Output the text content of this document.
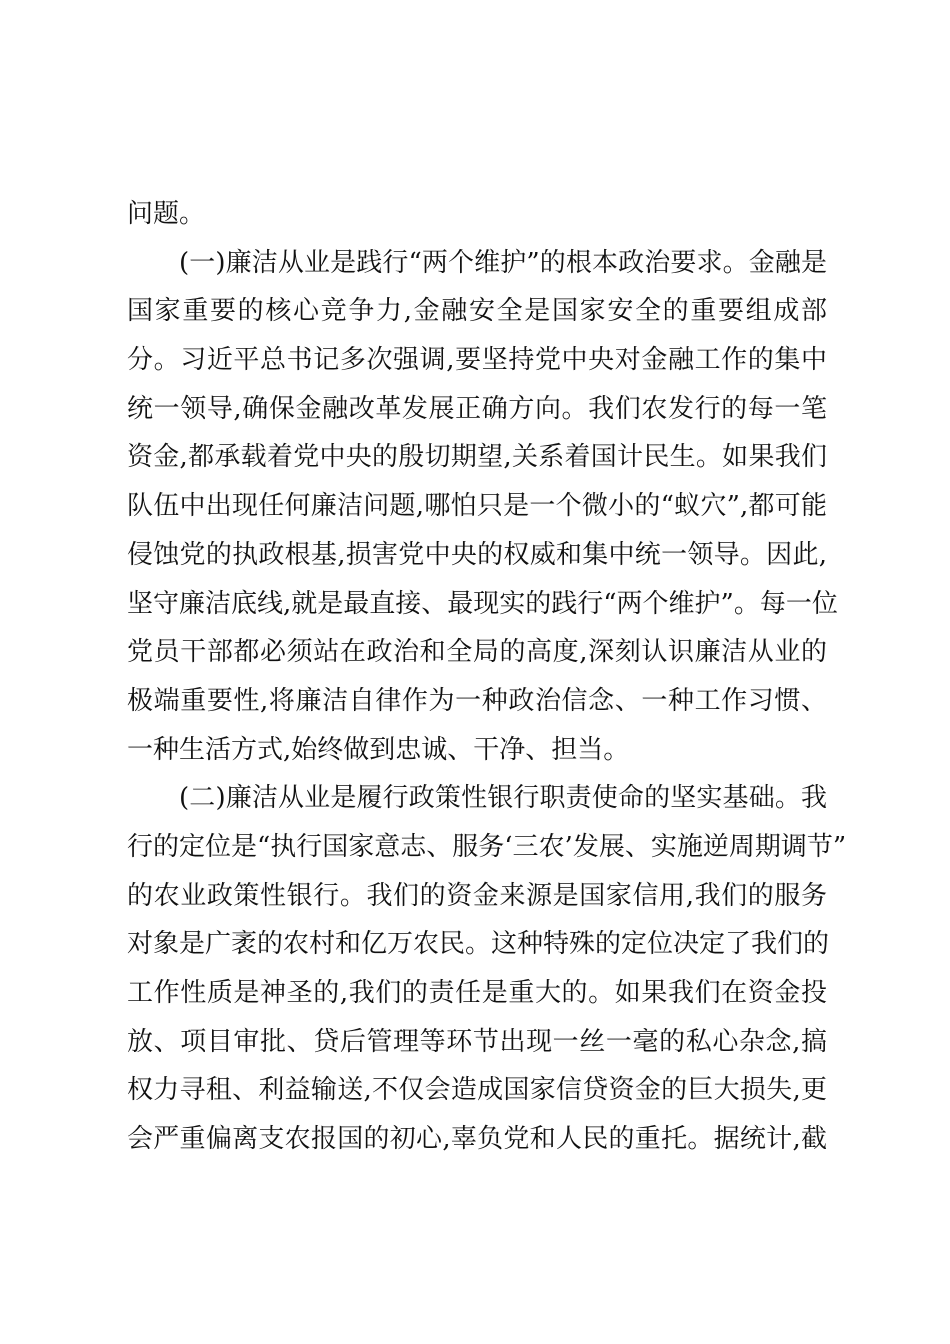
问题。
(一)廉洁从业是践行“两个维护”的根本政治要求。金融是
国家重要的核心竞争力,金融安全是国家安全的重要组成部
分。习近平总书记多次强调,要坚持党中央对金融工作的集中
统一领导,确保金融改革发展正确方向。我们农发行的每一笔
资金,都承载着党中央的殷切期望,关系着国计民生。如果我们
队伍中出现任何廉洁问题,哪怕只是一个微小的“蚁穴”,都可能
侵蚀党的执政根基,损害党中央的权威和集中统一领导。因此,
坚守廉洁底线,就是最直接、最现实的践行“两个维护”。每一位
党员干部都必须站在政治和全局的高度,深刻认识廉洁从业的
极端重要性,将廉洁自律作为一种政治信念、一种工作习惯、
一种生活方式,始终做到忠诚、干净、担当。
(二)廉洁从业是履行政策性银行职责使命的坚实基础。我
行的定位是“执行国家意志、服务‘三农’发展、实施逆周期调节”
的农业政策性银行。我们的资金来源是国家信用,我们的服务
对象是广袤的农村和亿万农民。这种特殊的定位决定了我们的
工作性质是神圣的,我们的责任是重大的。如果我们在资金投
放、项目审批、贷后管理等环节出现一丝一毫的私心杂念,搞
权力寻租、利益输送,不仅会造成国家信贷资金的巨大损失,更
会严重偏离支农报国的初心,辜负党和人民的重托。据统计,截
